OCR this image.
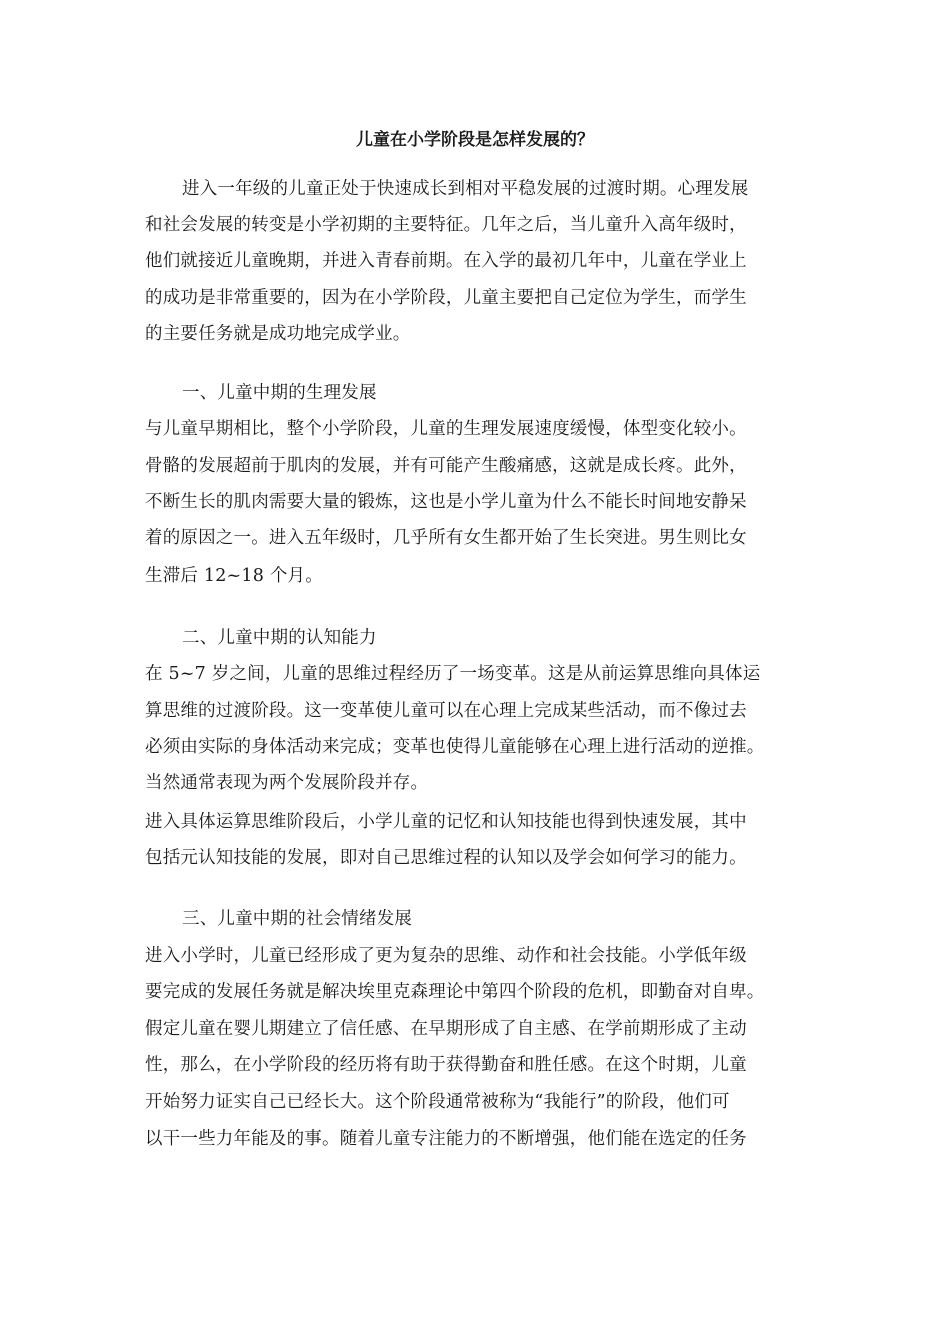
儿童在小学阶段是怎样发展的？
进入一年级的儿童正处于快速成长到相对平稳发展的过渡时期。心理发展
和社会发展的转变是小学初期的主要特征。几年之后，当儿童升入高年级时，
他们就接近儿童晚期，并进入青春前期。在入学的最初几年中，儿童在学业上
的成功是非常重要的，因为在小学阶段，儿童主要把自己定位为学生，而学生
的主要任务就是成功地完成学业。
一、儿童中期的生理发展
与儿童早期相比，整个小学阶段，儿童的生理发展速度缓慢，体型变化较小。
骨骼的发展超前于肌肉的发展，并有可能产生酸痛感，这就是成长疼。此外，
不断生长的肌肉需要大量的锻炼，这也是小学儿童为什么不能长时间地安静呆
着的原因之一。进入五年级时，几乎所有女生都开始了生长突进。男生则比女
生滞后 12~18 个月。
二、儿童中期的认知能力
在 5~7 岁之间，儿童的思维过程经历了一场变革。这是从前运算思维向具体运
算思维的过渡阶段。这一变革使儿童可以在心理上完成某些活动，而不像过去
必须由实际的身体活动来完成；变革也使得儿童能够在心理上进行活动的逆推。
当然通常表现为两个发展阶段并存。
进入具体运算思维阶段后，小学儿童的记忆和认知技能也得到快速发展，其中
包括元认知技能的发展，即对自己思维过程的认知以及学会如何学习的能力。
三、儿童中期的社会情绪发展
进入小学时，儿童已经形成了更为复杂的思维、动作和社会技能。小学低年级
要完成的发展任务就是解决埃里克森理论中第四个阶段的危机，即勤奋对自卑。
假定儿童在婴儿期建立了信任感、在早期形成了自主感、在学前期形成了主动
性，那么，在小学阶段的经历将有助于获得勤奋和胜任感。在这个时期，儿童
开始努力证实自己已经长大。这个阶段通常被称为“我能行”的阶段，他们可
以干一些力年能及的事。随着儿童专注能力的不断增强，他们能在选定的任务
